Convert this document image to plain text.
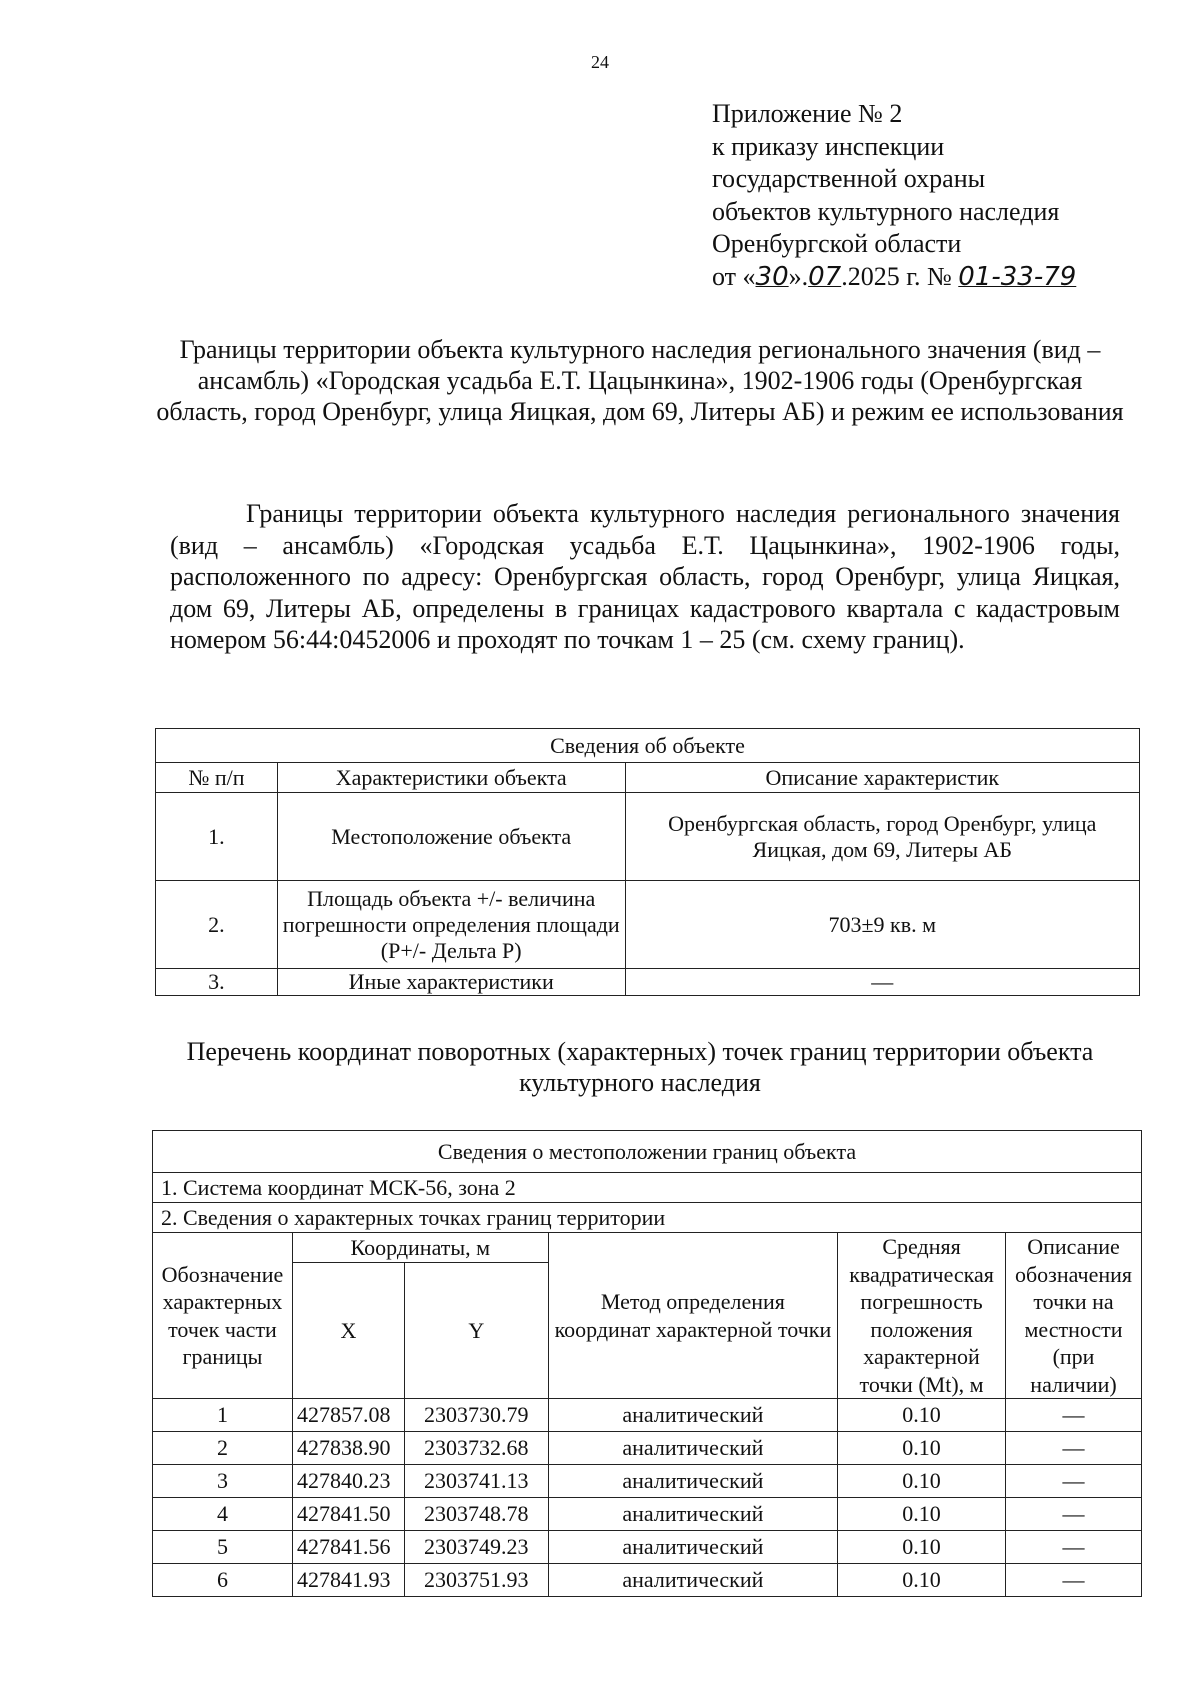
24
Приложение № 2
к приказу инспекции
государственной охраны
объектов культурного наследия
Оренбургской области
от «30».07.2025 г. № 01-33-79
Границы территории объекта культурного наследия регионального значения (вид – ансамбль) «Городская усадьба Е.Т. Цацынкина», 1902-1906 годы (Оренбургская область, город Оренбург, улица Яицкая, дом 69, Литеры АБ) и режим ее использования
Границы территории объекта культурного наследия регионального значения (вид – ансамбль) «Городская усадьба Е.Т. Цацынкина», 1902-1906 годы, расположенного по адресу: Оренбургская область, город Оренбург, улица Яицкая, дом 69, Литеры АБ, определены в границах кадастрового квартала с кадастровым номером 56:44:0452006 и проходят по точкам 1 – 25 (см. схему границ).
Сведения об объекте		
№ п/п	Характеристики объекта	Описание характеристик
1.	Местоположение объекта	Оренбургская область, город Оренбург, улица Яицкая, дом 69, Литеры АБ
2.	Площадь объекта +/- величина погрешности определения площади (P+/- Дельта P)	703±9 кв. м
3.	Иные характеристики	—
Перечень координат поворотных (характерных) точек границ территории объекта культурного наследия
Сведения о местоположении границ объекта					
1. Система координат МСК-56, зона 2					
2. Сведения о характерных точках границ территории					
Обозначение характерных точек части границы	Координаты, м		Метод определения координат характерной точки	Средняя квадратическая погрешность положения характерной точки (Mt), м	Описание обозначения точки на местности (при наличии)
	X	Y			
1	427857.08	2303730.79	аналитический	0.10	—
2	427838.90	2303732.68	аналитический	0.10	—
3	427840.23	2303741.13	аналитический	0.10	—
4	427841.50	2303748.78	аналитический	0.10	—
5	427841.56	2303749.23	аналитический	0.10	—
6	427841.93	2303751.93	аналитический	0.10	—
